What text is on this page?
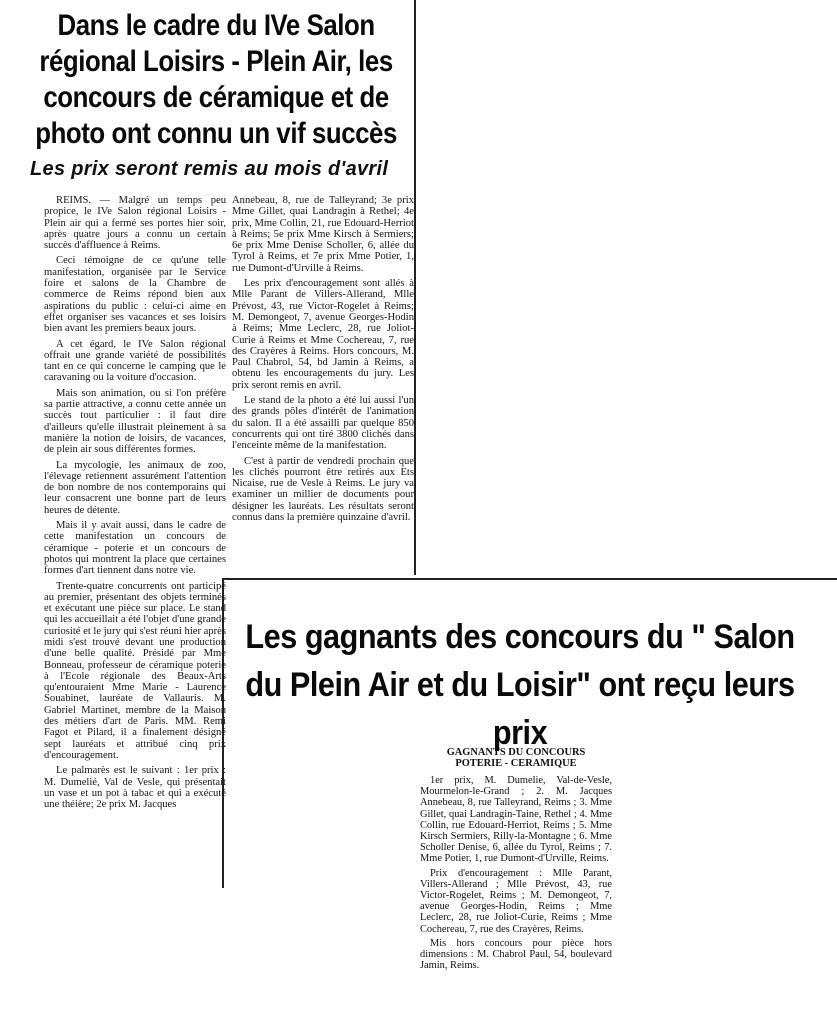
Dans le cadre du IVe Salon régional Loisirs - Plein Air, les concours de céramique et de photo ont connu un vif succès
Les prix seront remis au mois d'avril

REIMS. — Malgré un temps peu propice, le IVe Salon régional Loisirs - Plein air qui a fermé ses portes hier soir, après quatre jours a connu un certain succès d'affluence à Reims.

Ceci témoigne de ce qu'une telle manifestation, organisée par le Service foire et salons de la Chambre de commerce de Reims répond bien aux aspirations du public : celui-ci aime en effet organiser ses vacances et ses loisirs bien avant les premiers beaux jours.

A cet égard, le IVe Salon régional offrait une grande variété de possibilités tant en ce qui concerne le camping que le caravaning ou la voiture d'occasion.

Mais son animation, ou si l'on préfère sa partie attractive, a connu cette année un succès tout particulier : il faut dire d'ailleurs qu'elle illustrait pleinement à sa manière la notion de loisirs, de vacances, de plein air sous différentes formes.

La mycologie, les animaux de zoo, l'élevage retiennent assurément l'attention de bon nombre de nos contemporains qui leur consacrent une bonne part de leurs heures de détente.

Mais il y avait aussi, dans le cadre de cette manifestation un concours de céramique - poterie et un concours de photos qui montrent la place que certaines formes d'art tiennent dans notre vie.

Trente-quatre concurrents ont participé au premier, présentant des objets terminés et exécutant une pièce sur place. Le stand qui les accueillait a été l'objet d'une grande curiosité et le jury qui s'est réuni hier après midi s'est trouvé devant une production d'une belle qualité. Présidé par Mme Bonneau, professeur de céramique poterie à l'Ecole régionale des Beaux-Arts qu'entouraient Mme Marie - Laurence Souabinet, lauréate de Vallauris. M. Gabriel Martinet, membre de la Maison des métiers d'art de Paris. MM. Remi Fagot et Pilard, il a finalement désigné sept lauréats et attribué cinq prix d'encouragement.

Le palmarès est le suivant : 1er prix : M. Dumelié, Val de Vesle, qui présentait un vase et un pot à tabac et qui a exécuté une théière; 2e prix M. Jacques

Annebeau, 8, rue de Talleyrand; 3e prix Mme Gillet, quai Landragin à Rethel; 4e prix, Mme Collin, 21, rue Edouard-Herriot à Reims; 5e prix Mme Kirsch à Sermiers; 6e prix Mme Denise Scholler, 6, allée du Tyrol à Reims, et 7e prix Mme Potier, 1, rue Dumont-d'Urville à Reims.

Les prix d'encouragement sont allés à Mlle Parant de Villers-Allerand, Mlle Prévost, 43, rue Victor-Rogelet à Reims; M. Demongeot, 7, avenue Georges-Hodin à Reims; Mme Leclerc, 28, rue Joliot-Curie à Reims et Mme Cochereau, 7, rue des Crayères à Reims. Hors concours, M. Paul Chabrol, 54, bd Jamin à Reims, a obtenu les encouragements du jury. Les prix seront remis en avril.

Le stand de la photo a été lui aussi l'un des grands pôles d'intérêt de l'animation du salon. Il a été assailli par quelque 850 concurrents qui ont tiré 3800 clichés dans l'enceinte même de la manifestation.

C'est à partir de vendredi prochain que les clichés pourront être retirés aux Ets Nicaise, rue de Vesle à Reims. Le jury va examiner un millier de documents pour désigner les lauréats. Les résultats seront connus dans la première quinzaine d'avril.

Les gagnants des concours du " Salon du Plein Air et du Loisir" ont reçu leurs prix
GAGNANTS DU CONCOURS
POTERIE - CERAMIQUE

1er prix, M. Dumelie, Val-de-Vesle, Mourmelon-le-Grand ; 2. M. Jacques Annebeau, 8, rue Talleyrand, Reims ; 3. Mme Gillet, quai Landragin-Taine, Rethel ; 4. Mme Collin, rue Edouard-Herriot, Reims ; 5. Mme Kirsch Sermiers, Rilly-la-Montagne ; 6. Mme Scholler Denise, 6, allée du Tyrol, Reims ; 7. Mme Potier, 1, rue Dumont-d'Urville, Reims.

Prix d'encouragement : Mlle Parant, Villers-Allerand ; Mlle Prévost, 43, rue Victor-Rogelet, Reims ; M. Demongeot, 7, avenue Georges-Hodin, Reims ; Mme Leclerc, 28, rue Joliot-Curie, Reims ; Mme Cochereau, 7, rue des Crayères, Reims.

Mis hors concours pour pièce hors dimensions : M. Chabrol Paul, 54, boulevard Jamin, Reims.
